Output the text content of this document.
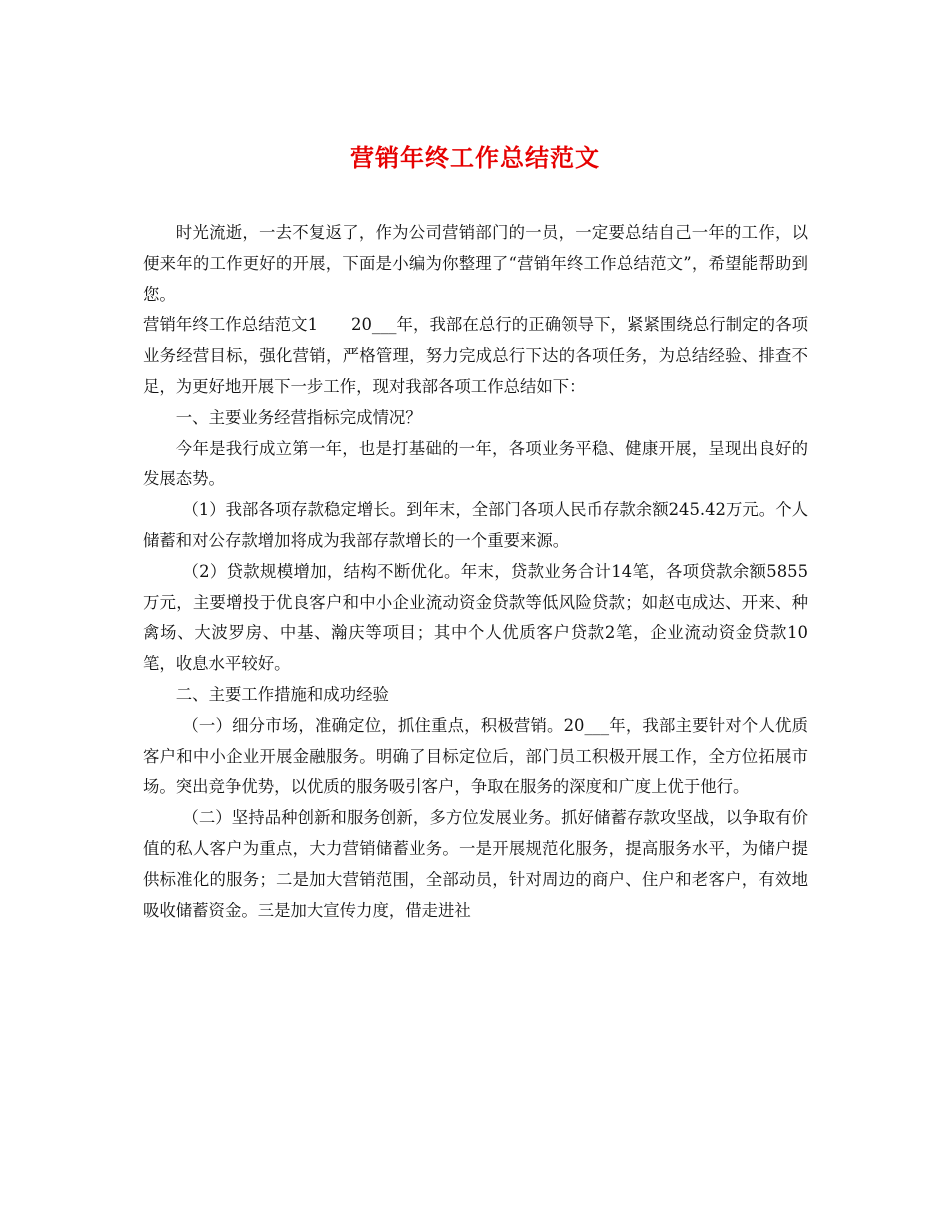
营销年终工作总结范文

时光流逝，一去不复返了，作为公司营销部门的一员，一定要总结自己一年的工作，以便来年的工作更好的开展，下面是小编为你整理了“营销年终工作总结范文”，希望能帮助到您。

营销年终工作总结范文1　　20___年，我部在总行的正确领导下，紧紧围绕总行制定的各项业务经营目标，强化营销，严格管理，努力完成总行下达的各项任务，为总结经验、排查不足，为更好地开展下一步工作，现对我部各项工作总结如下：

一、主要业务经营指标完成情况？

今年是我行成立第一年，也是打基础的一年，各项业务平稳、健康开展，呈现出良好的发展态势。

（1）我部各项存款稳定增长。到年末，全部门各项人民币存款余额245.42万元。个人储蓄和对公存款增加将成为我部存款增长的一个重要来源。

（2）贷款规模增加，结构不断优化。年末，贷款业务合计14笔，各项贷款余额5855万元，主要增投于优良客户和中小企业流动资金贷款等低风险贷款；如赵屯成达、开来、种禽场、大波罗房、中基、瀚庆等项目；其中个人优质客户贷款2笔，企业流动资金贷款10笔，收息水平较好。

二、主要工作措施和成功经验

（一）细分市场，准确定位，抓住重点，积极营销。20___年，我部主要针对个人优质客户和中小企业开展金融服务。明确了目标定位后，部门员工积极开展工作，全方位拓展市场。突出竞争优势，以优质的服务吸引客户，争取在服务的深度和广度上优于他行。

（二）坚持品种创新和服务创新，多方位发展业务。抓好储蓄存款攻坚战，以争取有价值的私人客户为重点，大力营销储蓄业务。一是开展规范化服务，提高服务水平，为储户提供标准化的服务；二是加大营销范围，全部动员，针对周边的商户、住户和老客户，有效地吸收储蓄资金。三是加大宣传力度，借走进社
